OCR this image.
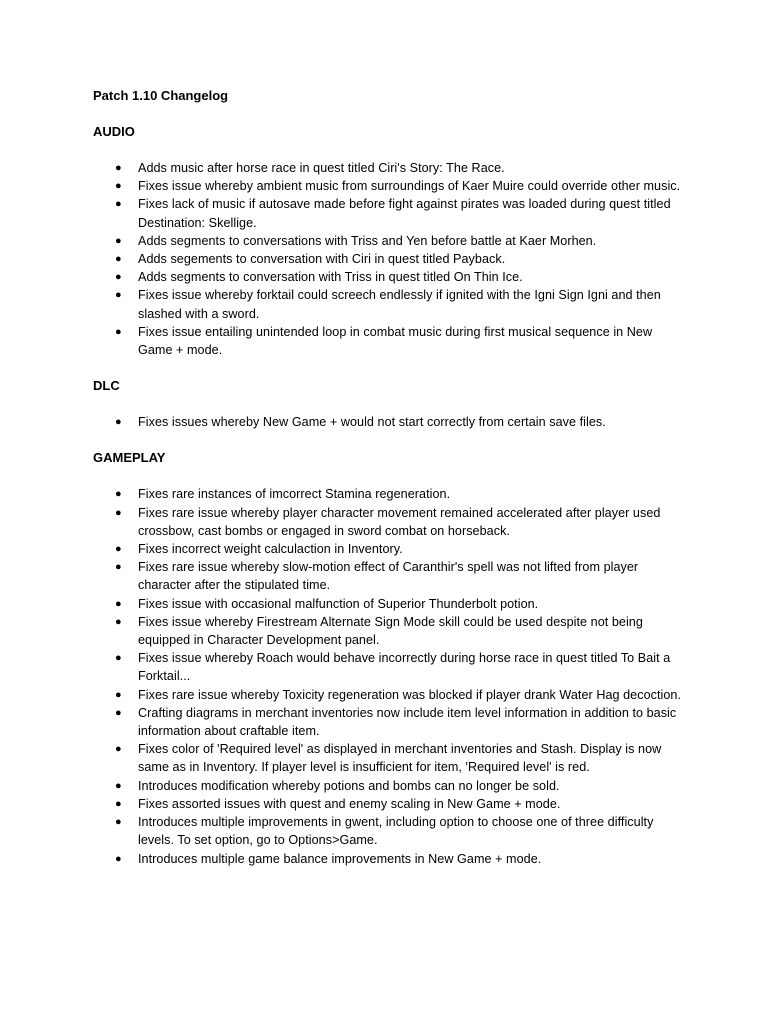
Patch 1.10 Changelog
AUDIO
● Adds music after horse race in quest titled Ciri's Story: The Race.
● Fixes issue whereby ambient music from surroundings of Kaer Muire could override other music.
● Fixes lack of music if autosave made before fight against pirates was loaded during quest titled Destination: Skellige.
● Adds segments to conversations with Triss and Yen before battle at Kaer Morhen.
● Adds segements to conversation with Ciri in quest titled Payback.
● Adds segments to conversation with Triss in quest titled On Thin Ice.
● Fixes issue whereby forktail could screech endlessly if ignited with the Igni Sign Igni and then slashed with a sword.
● Fixes issue entailing unintended loop in combat music during first musical sequence in New Game + mode.
DLC
● Fixes issues whereby New Game + would not start correctly from certain save files.
GAMEPLAY
● Fixes rare instances of imcorrect Stamina regeneration.
● Fixes rare issue whereby player character movement remained accelerated after player used crossbow, cast bombs or engaged in sword combat on horseback.
● Fixes incorrect weight calculaction in Inventory.
● Fixes rare issue whereby slow-motion effect of Caranthir's spell was not lifted from player character after the stipulated time.
● Fixes issue with occasional malfunction of Superior Thunderbolt potion.
● Fixes issue whereby Firestream Alternate Sign Mode skill could be used despite not being equipped in Character Development panel.
● Fixes issue whereby Roach would behave incorrectly during horse race in quest titled To Bait a Forktail...
● Fixes rare issue whereby Toxicity regeneration was blocked if player drank Water Hag decoction.
● Crafting diagrams in merchant inventories now include item level information in addition to basic information about craftable item.
● Fixes color of 'Required level' as displayed in merchant inventories and Stash. Display is now same as in Inventory. If player level is insufficient for item, 'Required level' is red.
● Introduces modification whereby potions and bombs can no longer be sold.
● Fixes assorted issues with quest and enemy scaling in New Game + mode.
● Introduces multiple improvements in gwent, including option to choose one of three difficulty levels. To set option, go to Options>Game.
● Introduces multiple game balance improvements in New Game + mode.
